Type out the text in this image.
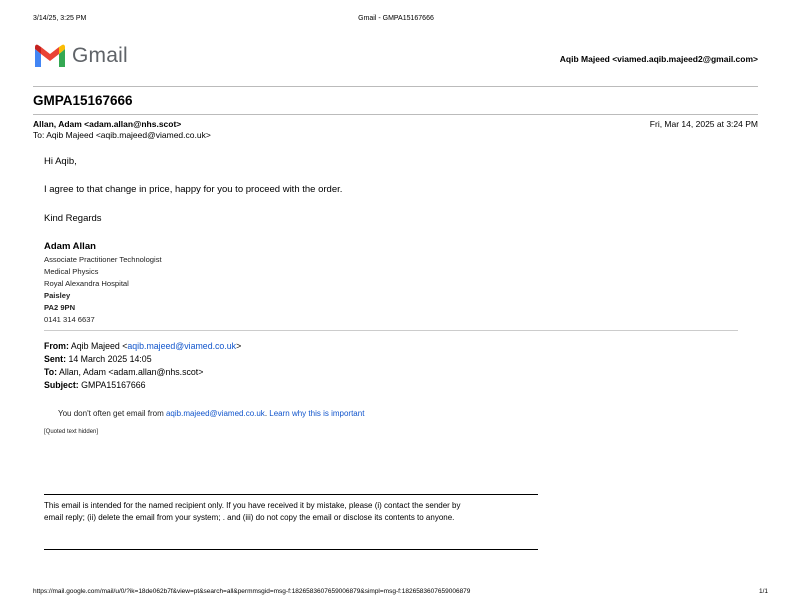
3/14/25, 3:25 PM	Gmail - GMPA15167666
Gmail	Aqib Majeed <viamed.aqib.majeed2@gmail.com>
GMPA15167666
Allan, Adam <adam.allan@nhs.scot>	Fri, Mar 14, 2025 at 3:24 PM
To: Aqib Majeed <aqib.majeed@viamed.co.uk>
Hi Aqib,
I agree to that change in price, happy for you to proceed with the order.
Kind Regards
Adam Allan
Associate Practitioner Technologist
Medical Physics
Royal Alexandra Hospital
Paisley
PA2 9PN
0141 314 6637
From: Aqib Majeed <aqib.majeed@viamed.co.uk>
Sent: 14 March 2025 14:05
To: Allan, Adam <adam.allan@nhs.scot>
Subject: GMPA15167666
You don't often get email from aqib.majeed@viamed.co.uk. Learn why this is important
[Quoted text hidden]
This email is intended for the named recipient only. If you have received it by mistake, please (i) contact the sender by email reply; (ii) delete the email from your system; . and (iii) do not copy the email or disclose its contents to anyone.
https://mail.google.com/mail/u/0/?ik=18de062b7f&view=pt&search=all&permmsgid=msg-f:1826583607659006879&simpl=msg-f:1826583607659006879	1/1
